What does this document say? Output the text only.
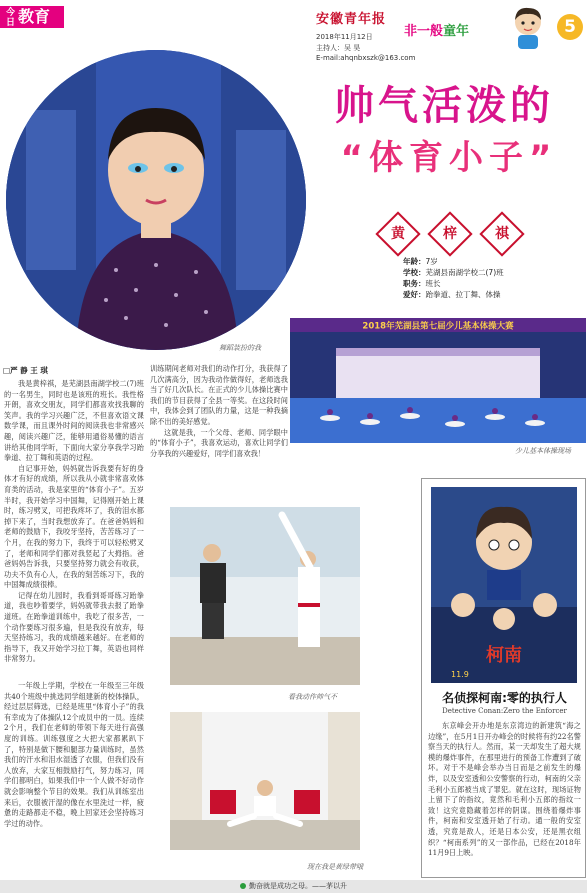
今日 教育	安徽青年报
2018年11月12日
主持人：吴 昊
E-mail:ahqnbxszk@163.com
非一般童年	5
舞蹈装扮的我
帅气活泼的
“体育小子”
黄	梓	祺
年龄：7岁
学校：芜湖县南湖学校二(7)班
职务：班长
爱好：跆拳道、拉丁舞、体操
2018年芜湖县第七届少儿基本体操大赛
少儿基本体操现场
□严 静 王 琪

我是黄梓祺，是芜湖县南湖学校二(7)班的一名男生，同时也是该班的班长。我性格开朗，喜欢交朋友，同学们都喜欢找我聊的笑声。我的学习兴趣广泛，不但喜欢语文课数学课，而且课外时间的阅读我也非常感兴趣，阅读兴趣广泛，能够用通俗易懂的语言讲给其他同学听，下面向大家分享我学习跆拳道、拉丁舞和英语的过程。

自记事开始，妈妈就告诉我要有好的身体才有好的成绩，所以我从小就非常喜欢体育类的活动，我是家里的“体育小子”。五岁半时，我开始学习中国舞，记得刚开始上课时，练习劈叉，可把我疼坏了，我的泪水都掉下来了，当时我想放弃了。在爸爸妈妈和老师的鼓励下，我咬牙坚持，苦苦练习了一个月，在我的努力下，我终于可以轻松劈叉了，老师和同学们都对我竖起了大拇指。爸爸妈妈告诉我，只要坚持努力就会有收获，功夫不负有心人，在我的刻苦练习下，我的中国舞成绩很棒。

记得在幼儿园时，我看到哥哥练习跆拳道，我也吵着要学，妈妈就带我去报了跆拳道班。在跆拳道训练中，我吃了很多苦，一个动作要练习很多遍，但是我没有放弃，每天坚持练习，我的成绩越来越好。在老师的指导下，我又开始学习拉丁舞，英语也同样非常努力。

一年级上学期，学校在一年级至三年级共40个班级中挑选同学组建新的校体操队，经过层层筛选，已经是班里“体育小子”的我有幸成为了体操队12个成员中的一员。连续2个月，我们在老师的带领下每天进行高强度的训练。训练强度之大把大家都累趴下了，特别是做下腰和腿部力量训练时，虽然我们的汗水和泪水湿透了衣服，但我们没有人放弃，大家互相鼓励打气，努力练习，同学们都明白，如果我们中一个人做不好动作就会影响整个节目的效果。我们从训练室出来后，衣服被汗湿的像在水里洗过一样，疲惫的走路都走不稳，晚上回家还会坚持练习学过的动作。

训练期间老师对我们的动作打分，我获得了几次满高分，因为我动作做得好，老师选我当了好几次队长。在正式的少儿体操比赛中我们的节目获得了全县一等奖。在这段时间中，我体会到了团队的力量，这是一种我摘除不出的美好感觉。

这就是我，一个父母、老师、同学眼中的“体育小子”，我喜欢运动，喜欢让同学们分享我的兴趣爱好，同学们喜欢我！

看我动作帅气不
现在我是黄绿带哦
柯南
11.9
名侦探柯南:零的执行人
Detective Conan:Zero the Enforcer

东京峰会开办地是东京湾边的新建筑“海之边缘”，在5月1日开办峰会的时候将有约22名警察当天的执行人。然而，某一天却发生了超大规模的爆炸事件，在那里进行的预备工作遭到了破坏。对于不是峰会举办当日而是之前发生的爆炸，以及安室透和公安警察的行动，柯南的父亲毛利小五郎被当成了罪犯。就在这时，现场证物上留下了的指纹，竟然和毛利小五郎的指纹一致！这究竟隐藏着怎样的阴谋。围绕着爆炸事件，柯南和安室透开始了行动。通一般的安室透，究竟是敌人，还是日本公安，还是黑衣组织？“柯南系列”的又一部作品，已经在2018年11月9日上映。

勤奋就是成功之母。——茅以升
